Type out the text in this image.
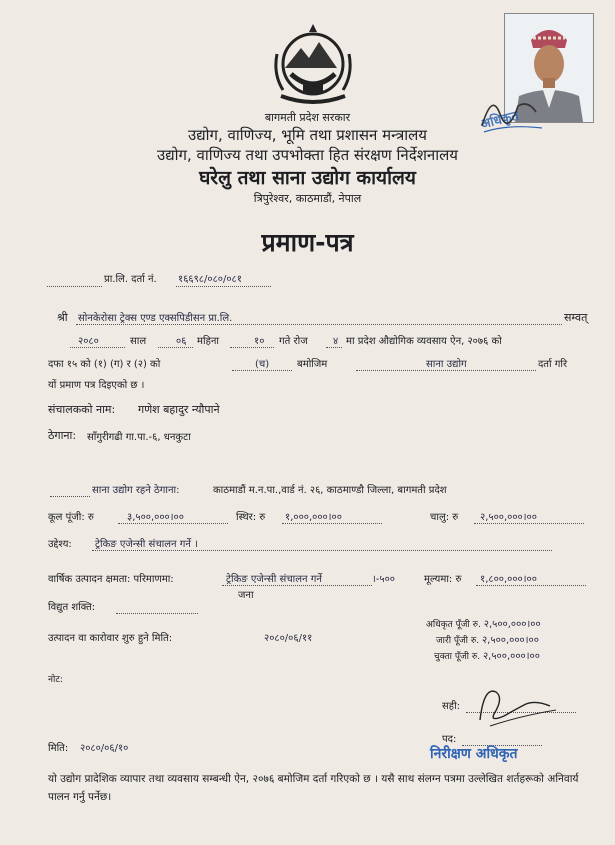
अधिकृत
बागमती प्रदेश सरकार
उद्योग, वाणिज्य, भूमि तथा प्रशासन मन्त्रालय
उद्योग, वाणिज्य तथा उपभोक्ता हित संरक्षण निर्देशनालय
घरेलु तथा साना उद्योग कार्यालय
त्रिपुरेश्वर, काठमाडौं, नेपाल
प्रमाण-पत्र
प्रा.लि. दर्ता नं. १६६९८/०८०/०८१
श्री सोनकेरोसा ट्रेक्स एण्ड एक्सपिडीसन प्रा.लि.	सम्वत्
२०८०	साल	०६ महिना	१० गते रोज	४ मा प्रदेश औद्योगिक व्यवसाय ऐन, २०७६ को
दफा १५ को (१) (ग) र (२) को	(च)	बमोजिम	साना उद्योग	दर्ता गरि
यों प्रमाण पत्र दिइएको छ ।
संचालकको नाम: गणेश बहादुर न्यौपाने
ठेगाना: साँगुरीगढी गा.पा.-६, धनकुटा
साना उद्योग रहने ठेगाना:	काठमाडौं म.न.पा.,वार्ड नं. २६, काठमाण्डौ जिल्ला, बागमती प्रदेश
कूल पूंजी: रु	३,५००,०००।००	स्थिर: रु १,०००,०००।००	चालु: रु २,५००,०००।००
उद्देश्य: ट्रेकिङ एजेन्सी संचालन गर्ने ।
वार्षिक उत्पादन क्षमता: परिमाणमा:	ट्रेकिङ एजेन्सी संचालन गर्ने	।-५००
जना
मूल्यमा: रु १,८००,०००।००
विद्युत शक्ति:
अधिकृत पूँजी रु. २,५००,०००।००
जारी पूँजी रु. २,५००,०००।००
चुक्ता पूँजी रु. २,५००,०००।००
उत्पादन वा कारोवार शुरु हुने मिति:	२०८०/०६/११
नोट:
सही:
पद:
निरीक्षण अधिकृत
मिति: २०८०/०६/१०
यो उद्योग प्रादेशिक व्यापार तथा व्यवसाय सम्बन्धी ऐन, २०७६ बमोजिम दर्ता गरिएको छ । यसै साथ संलग्न पत्रमा उल्लेखित शर्तहरूको अनिवार्य पालन गर्नु पर्नेछ।
